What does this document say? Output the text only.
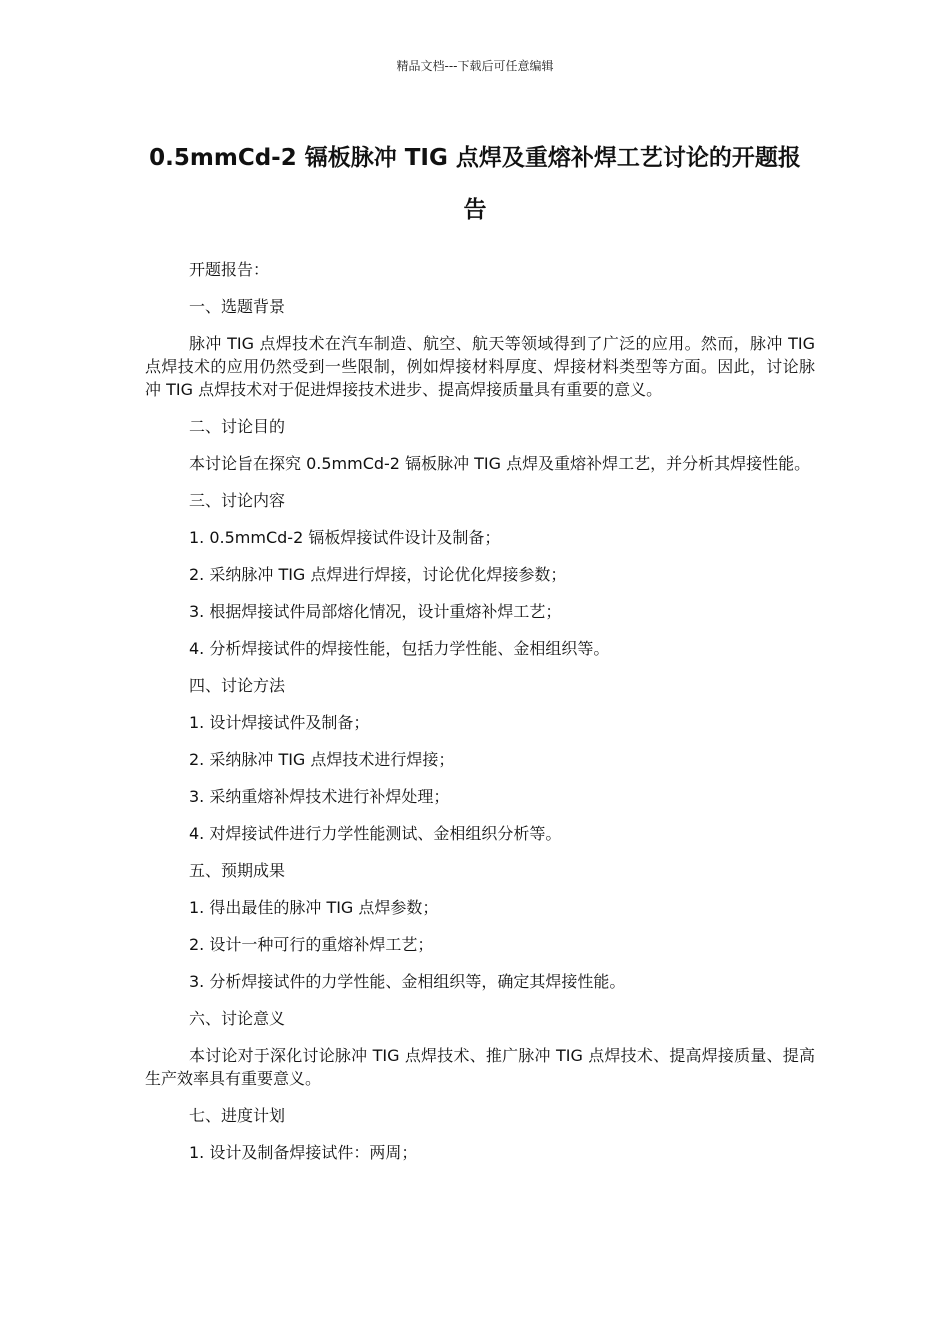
精品文档---下载后可任意编辑
0.5mmCd-2 镉板脉冲 TIG 点焊及重熔补焊工艺讨论的开题报告

开题报告：

一、选题背景

脉冲 TIG 点焊技术在汽车制造、航空、航天等领域得到了广泛的应用。然而，脉冲 TIG 点焊技术的应用仍然受到一些限制，例如焊接材料厚度、焊接材料类型等方面。因此，讨论脉冲 TIG 点焊技术对于促进焊接技术进步、提高焊接质量具有重要的意义。

二、讨论目的

本讨论旨在探究 0.5mmCd-2 镉板脉冲 TIG 点焊及重熔补焊工艺，并分析其焊接性能。

三、讨论内容

1. 0.5mmCd-2 镉板焊接试件设计及制备；

2. 采纳脉冲 TIG 点焊进行焊接，讨论优化焊接参数；

3. 根据焊接试件局部熔化情况，设计重熔补焊工艺；

4. 分析焊接试件的焊接性能，包括力学性能、金相组织等。

四、讨论方法

1. 设计焊接试件及制备；

2. 采纳脉冲 TIG 点焊技术进行焊接；

3. 采纳重熔补焊技术进行补焊处理；

4. 对焊接试件进行力学性能测试、金相组织分析等。

五、预期成果

1. 得出最佳的脉冲 TIG 点焊参数；

2. 设计一种可行的重熔补焊工艺；

3. 分析焊接试件的力学性能、金相组织等，确定其焊接性能。

六、讨论意义

本讨论对于深化讨论脉冲 TIG 点焊技术、推广脉冲 TIG 点焊技术、提高焊接质量、提高生产效率具有重要意义。

七、进度计划

1. 设计及制备焊接试件：两周；
